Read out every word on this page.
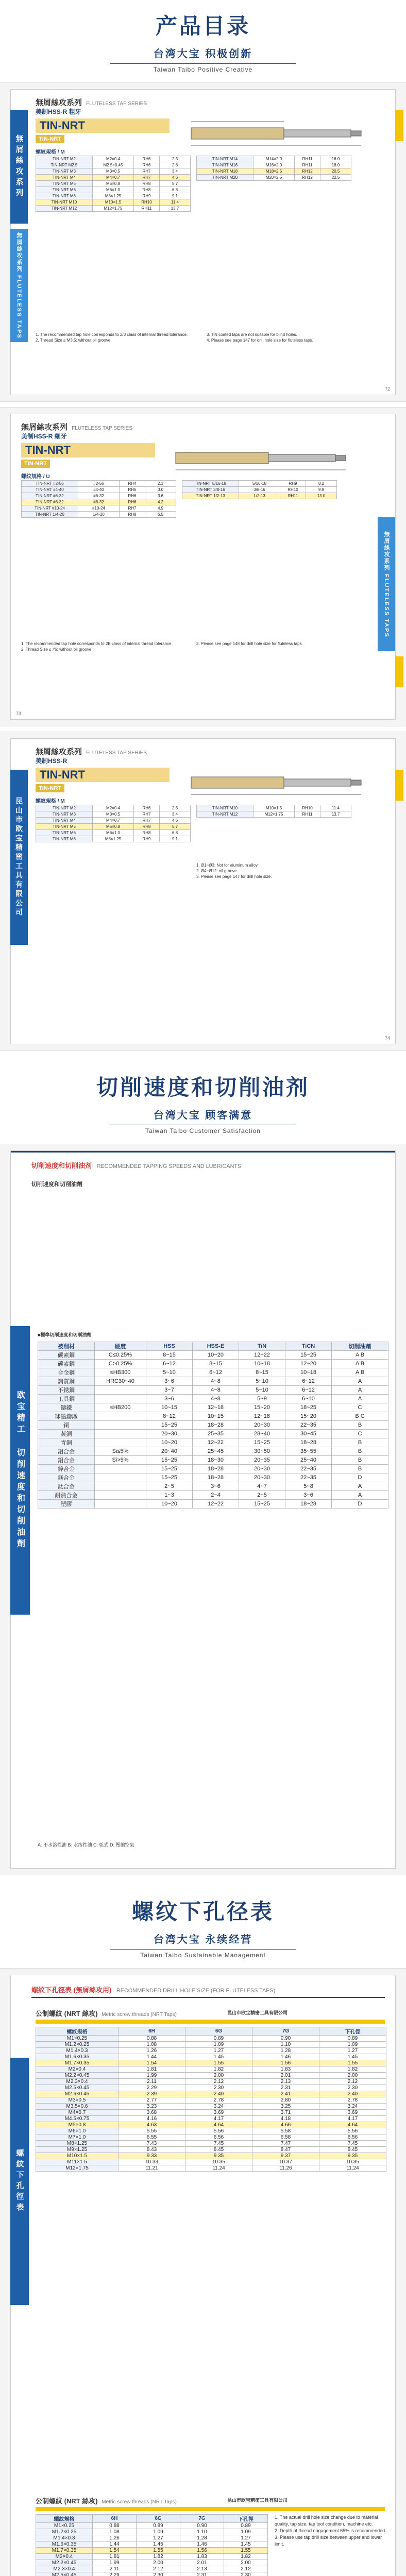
产品目录
台湾大宝 积极创新
Taiwan Taibo Positive Creative
無屑絲攻系列
無屑絲攻系列 FLUTELESS TAPS
無屑絲攻系列 FLUTELESS TAP SERIES
美制HSS-R 粗牙
TIN-NRT
TIN-NRT
螺紋規格 / M
TIN-NRT M2	M2×0.4	RH6	2.3
TIN-NRT M2.5	M2.5×0.45	RH6	2.8
TIN-NRT M3	M3×0.5	RH7	3.4
TIN-NRT M4	M4×0.7	RH7	4.6
TIN-NRT M5	M5×0.8	RH8	5.7
TIN-NRT M6	M6×1.0	RH8	6.8
TIN-NRT M8	M8×1.25	RH9	9.1
TIN-NRT M10	M10×1.5	RH10	11.4
TIN-NRT M12	M12×1.75	RH11	13.7
TIN-NRT M14	M14×2.0	RH11	16.0
TIN-NRT M16	M16×2.0	RH11	18.0
TIN-NRT M18	M18×2.5	RH12	20.5
TIN-NRT M20	M20×2.5	RH12	22.5
1. The recommended tap hole corresponds to 2/3 class of internal thread tolerance.
2. Thread Size ≤ M3.5: without oil groove.
3. TiN coated taps are not suitable for blind holes.
4. Please see page 147 for drill hole size for fluteless taps.
72
無屑絲攻系列 FLUTELESS TAPS
無屑絲攻系列 FLUTELESS TAP SERIES
美制HSS-R 細牙
TIN-NRT
TIN-NRT
螺紋規格 / U
TIN-NRT #2-56	#2-56	RH4	2.3
TIN-NRT #4-40	#4-40	RH5	3.0
TIN-NRT #6-32	#6-32	RH6	3.6
TIN-NRT #8-32	#8-32	RH6	4.2
TIN-NRT #10-24	#10-24	RH7	4.9
TIN-NRT 1/4-20	1/4-20	RH8	6.5
TIN-NRT 5/16-18	5/16-18	RH9	8.2
TIN-NRT 3/8-16	3/8-16	RH10	9.8
TIN-NRT 1/2-13	1/2-13	RH11	13.0
1. The recommended tap hole corresponds to 2B class of internal thread tolerance.
2. Thread Size ≤ #6: without oil groove.
3. Please see page 148 for drill hole size for fluteless taps.
73
昆山市欧宝精密工具有限公司
無屑絲攻系列 FLUTELESS TAP SERIES
美制HSS-R
TIN-NRT
TIN-NRT
螺紋規格 / M
TIN-NRT M2	M2×0.4	RH6	2.3
TIN-NRT M3	M3×0.5	RH7	3.4
TIN-NRT M4	M4×0.7	RH7	4.6
TIN-NRT M5	M5×0.8	RH8	5.7
TIN-NRT M6	M6×1.0	RH8	6.8
TIN-NRT M8	M8×1.25	RH9	9.1
TIN-NRT M10	M10×1.5	RH10	11.4
TIN-NRT M12	M12×1.75	RH11	13.7
1. Ø1~Ø3: Not for aluminum alloy.
2. Ø4~Ø12: oil groove.
3. Please see page 147 for drill hole size.
74
切削速度和切削油剂
台湾大宝 顾客满意
Taiwan Taibo Customer Satisfaction
切削速度和切削油剂 RECOMMENDED TAPPING SPEEDS AND LUBRICANTS
切削速度和切削油劑
欧宝精工
切削速度和切削油劑
■標準切削速度和切削油劑
被削材	硬度	HSS	HSS-E	TiN	TiCN	切削油劑
碳素鋼	C≤0.25%	8~15	10~20	12~22	15~25	A B
碳素鋼	C>0.25%	6~12	8~15	10~18	12~20	A B
合金鋼	≤HB300	5~10	6~12	8~15	10~18	A B
調質鋼	HRC30~40	3~6	4~8	5~10	6~12	A
不銹鋼		3~7	4~8	5~10	6~12	A
工具鋼		3~6	4~8	5~9	6~10	A
鑄鐵	≤HB200	10~15	12~18	15~20	18~25	C
球墨鑄鐵		8~12	10~15	12~18	15~20	B C
銅		15~25	18~28	20~30	22~35	B
黃銅		20~30	25~35	28~40	30~45	C
青銅		10~20	12~22	15~25	18~28	B
鋁合金	Si≤5%	20~40	25~45	30~50	35~55	B
鋁合金	Si>5%	15~25	18~30	20~35	25~40	B
鋅合金		15~25	18~28	20~30	22~35	B
鎂合金		15~25	18~28	20~30	22~35	D
鈦合金		2~5	3~6	4~7	5~8	A
耐熱合金		1~3	2~4	2~5	3~6	A
塑膠		10~20	12~22	15~25	18~28	D
A: 不水溶性油 B: 水溶性油 C: 乾式 D: 壓縮空氣
螺纹下孔径表
台湾大宝 永续经营
Taiwan Taibo Sustainable Management
螺紋下孔徑表 (無屑絲攻用) RECOMMENDED DRILL HOLE SIZE (FOR FLUTELESS TAPS)
螺紋下孔徑表
公制螺紋 (NRT 絲攻) Metric screw threads (NRT Taps)	昆山市欧宝精密工具有限公司
螺紋規格	6H	6G	7G	下孔徑
M1×0.25	0.88	0.89	0.90	0.89
M1.2×0.25	1.08	1.09	1.10	1.09
M1.4×0.3	1.26	1.27	1.28	1.27
M1.6×0.35	1.44	1.45	1.46	1.45
M1.7×0.35	1.54	1.55	1.56	1.55
M2×0.4	1.81	1.82	1.83	1.82
M2.2×0.45	1.99	2.00	2.01	2.00
M2.3×0.4	2.11	2.12	2.13	2.12
M2.5×0.45	2.29	2.30	2.31	2.30
M2.6×0.45	2.39	2.40	2.41	2.40
M3×0.5	2.77	2.78	2.80	2.78
M3.5×0.6	3.23	3.24	3.25	3.24
M4×0.7	3.68	3.69	3.71	3.69
M4.5×0.75	4.16	4.17	4.18	4.17
M5×0.8	4.63	4.64	4.66	4.64
M6×1.0	5.55	5.56	5.58	5.56
M7×1.0	6.55	6.56	6.58	6.56
M8×1.25	7.43	7.45	7.47	7.45
M9×1.25	8.43	8.45	8.47	8.45
M10×1.5	9.33	9.35	9.37	9.35
M11×1.5	10.33	10.35	10.37	10.35
M12×1.75	11.21	11.24	11.26	11.24
公制螺紋 (NRT 絲攻) Metric screw threads (NRT Taps)	昆山市欧宝精密工具有限公司
螺紋規格	6H	6G	7G	下孔徑
M1×0.25	0.88	0.89	0.90	0.89
M1.2×0.25	1.08	1.09	1.10	1.09
M1.4×0.3	1.26	1.27	1.28	1.27
M1.6×0.35	1.44	1.45	1.46	1.45
M1.7×0.35	1.54	1.55	1.56	1.55
M2×0.4	1.81	1.82	1.83	1.82
M2.2×0.45	1.99	2.00	2.01	2.00
M2.3×0.4	2.11	2.12	2.13	2.12
M2.5×0.45	2.29	2.30	2.31	2.30

1. The actual drill hole size change due to material quality, tap size, tap tool condition, machine etc.
2. Depth of thread engagement 65% is recommended.
3. Please use tap drill size between upper and lower limit.
